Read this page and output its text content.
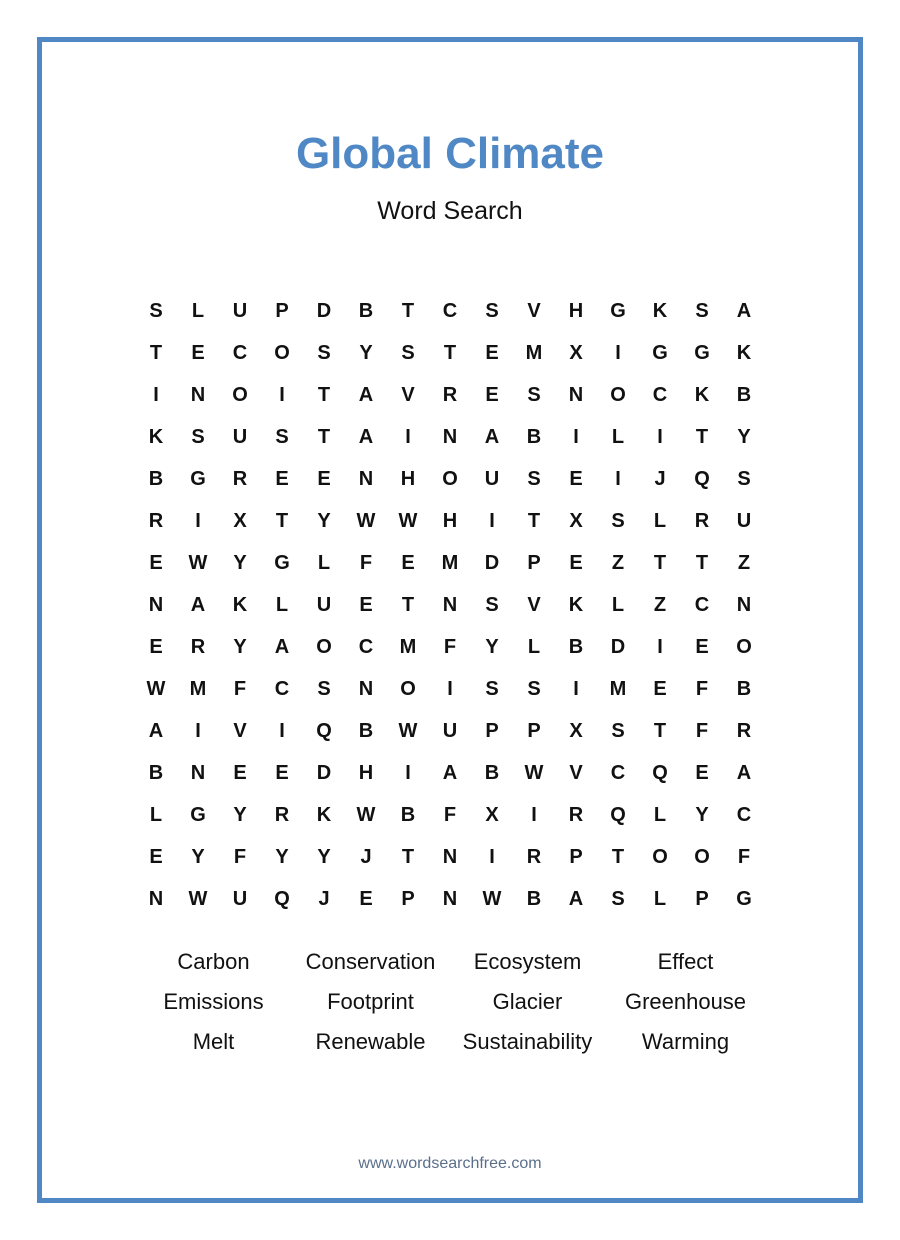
Global Climate
Word Search
S	L	U	P	D	B	T	C	S	V	H	G	K	S	A
T	E	C	O	S	Y	S	T	E	M	X	I	G	G	K
I	N	O	I	T	A	V	R	E	S	N	O	C	K	B
K	S	U	S	T	A	I	N	A	B	I	L	I	T	Y
B	G	R	E	E	N	H	O	U	S	E	I	J	Q	S
R	I	X	T	Y	W	W	H	I	T	X	S	L	R	U
E	W	Y	G	L	F	E	M	D	P	E	Z	T	T	Z
N	A	K	L	U	E	T	N	S	V	K	L	Z	C	N
E	R	Y	A	O	C	M	F	Y	L	B	D	I	E	O
W	M	F	C	S	N	O	I	S	S	I	M	E	F	B
A	I	V	I	Q	B	W	U	P	P	X	S	T	F	R
B	N	E	E	D	H	I	A	B	W	V	C	Q	E	A
L	G	Y	R	K	W	B	F	X	I	R	Q	L	Y	C
E	Y	F	Y	Y	J	T	N	I	R	P	T	O	O	F
N	W	U	Q	J	E	P	N	W	B	A	S	L	P	G
Carbon	Conservation	Ecosystem	Effect
Emissions	Footprint	Glacier	Greenhouse
Melt	Renewable	Sustainability	Warming
www.wordsearchfree.com
